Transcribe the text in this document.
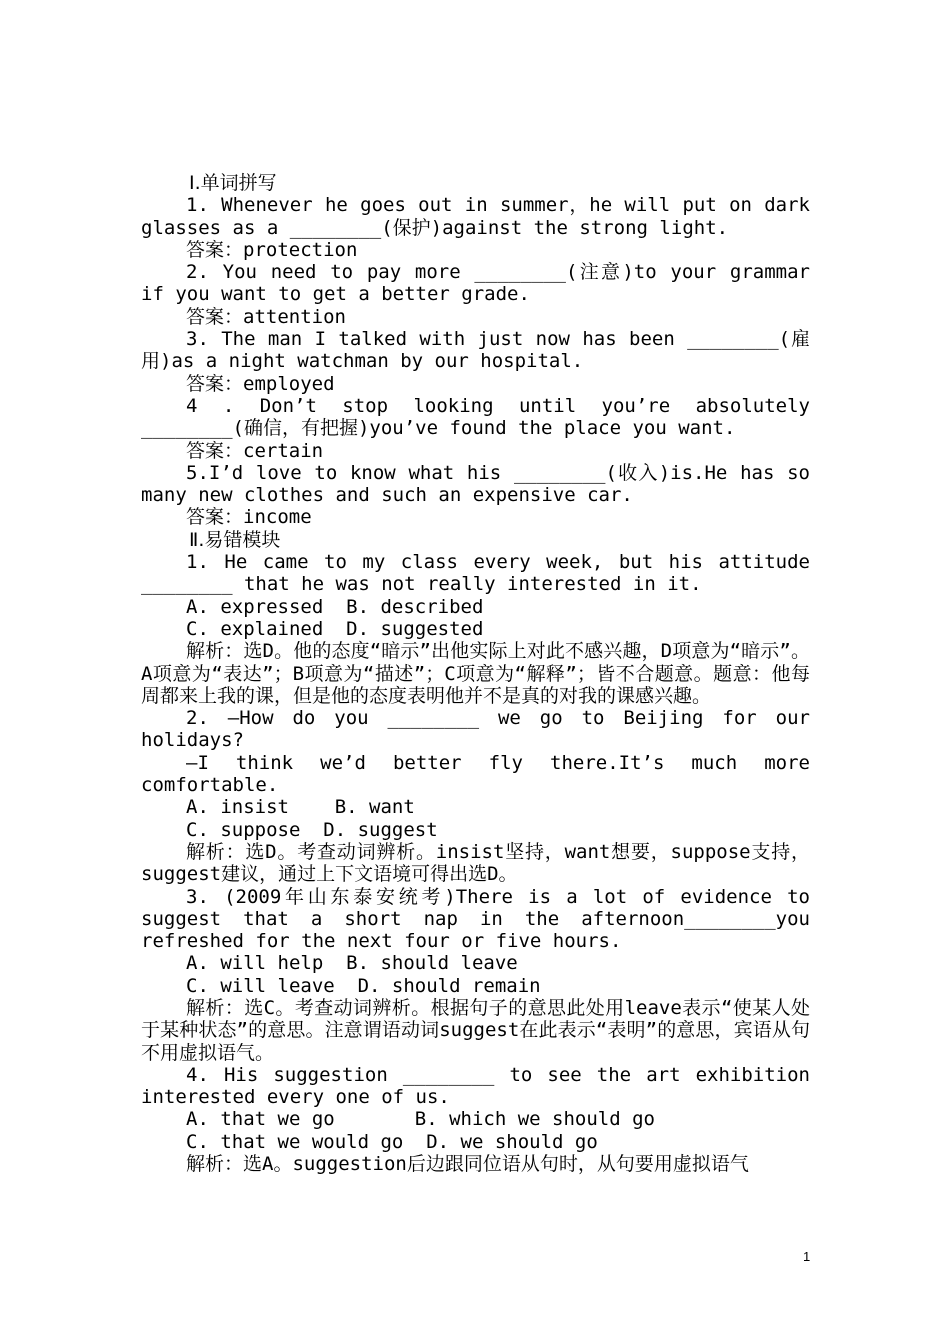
Ⅰ.单词拼写
1. Whenever he goes out in summer，he will put on dark glasses as a ________(保护)against the strong light.
答案：protection
2. You need to pay more ________(注意)to your grammar if you want to get a better grade.
答案：attention
3. The man I talked with just now has been ________(雇用)as a night watchman by our hospital.
答案：employed
4 . Don’t stop looking until you’re absolutely ________(确信，有把握)you’ve found the place you want.
答案：certain
5.I’d love to know what his ________(收入)is.He has so many new clothes and such an expensive car.
答案：income
Ⅱ.易错模块
1. He came to my class every week, but his attitude ________ that he was not really interested in it.
A. expressed  B. described
C. explained  D. suggested
解析：选D。他的态度“暗示”出他实际上对此不感兴趣，D项意为“暗示”。A项意为“表达”；B项意为“描述”；C项意为“解释”；皆不合题意。题意：他每周都来上我的课，但是他的态度表明他并不是真的对我的课感兴趣。
2. —How do you ________ we go to Beijing for our holidays?
—I think we’d better fly there.It’s much more comfortable.
A. insist    B. want
C. suppose  D. suggest
解析：选D。考查动词辨析。insist坚持，want想要，suppose支持，suggest建议，通过上下文语境可得出选D。
3. (2009年山东泰安统考)There is a lot of evidence to suggest that a short nap in the afternoon________you refreshed for the next four or five hours.
A. will help  B. should leave
C. will leave  D. should remain
解析：选C。考查动词辨析。根据句子的意思此处用leave表示“使某人处于某种状态”的意思。注意谓语动词suggest在此表示“表明”的意思，宾语从句不用虚拟语气。
4. His suggestion ________ to see the art exhibition interested every one of us.
A. that we go       B. which we should go
C. that we would go  D. we should go
解析：选A。suggestion后边跟同位语从句时，从句要用虚拟语气
1
